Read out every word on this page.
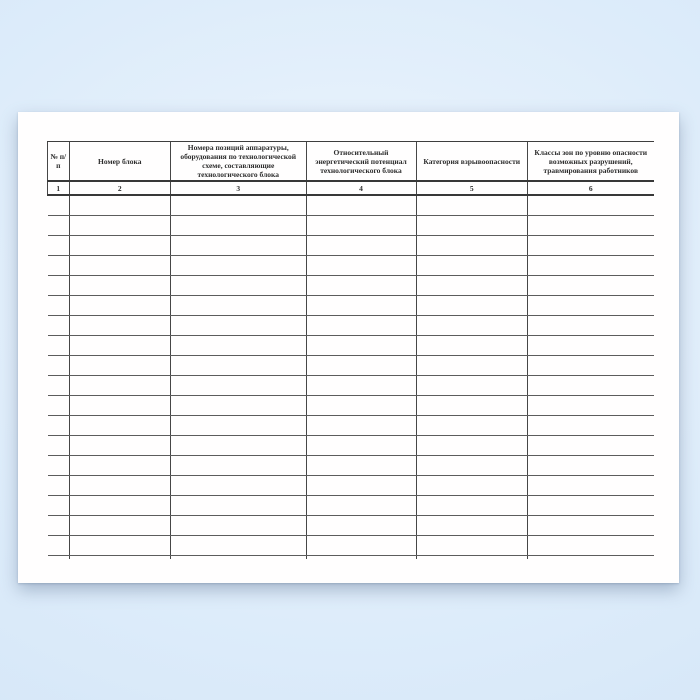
№ п/п	Номер блока	Номера позиций аппаратуры, оборудования по технологической схеме, составляющие технологического блока	Относительный энергетический потенциал технологического блока	Категория взрывоопасности	Классы зон по уровню опасности возможных разрушений, травмирования работников
1	2	3	4	5	6
